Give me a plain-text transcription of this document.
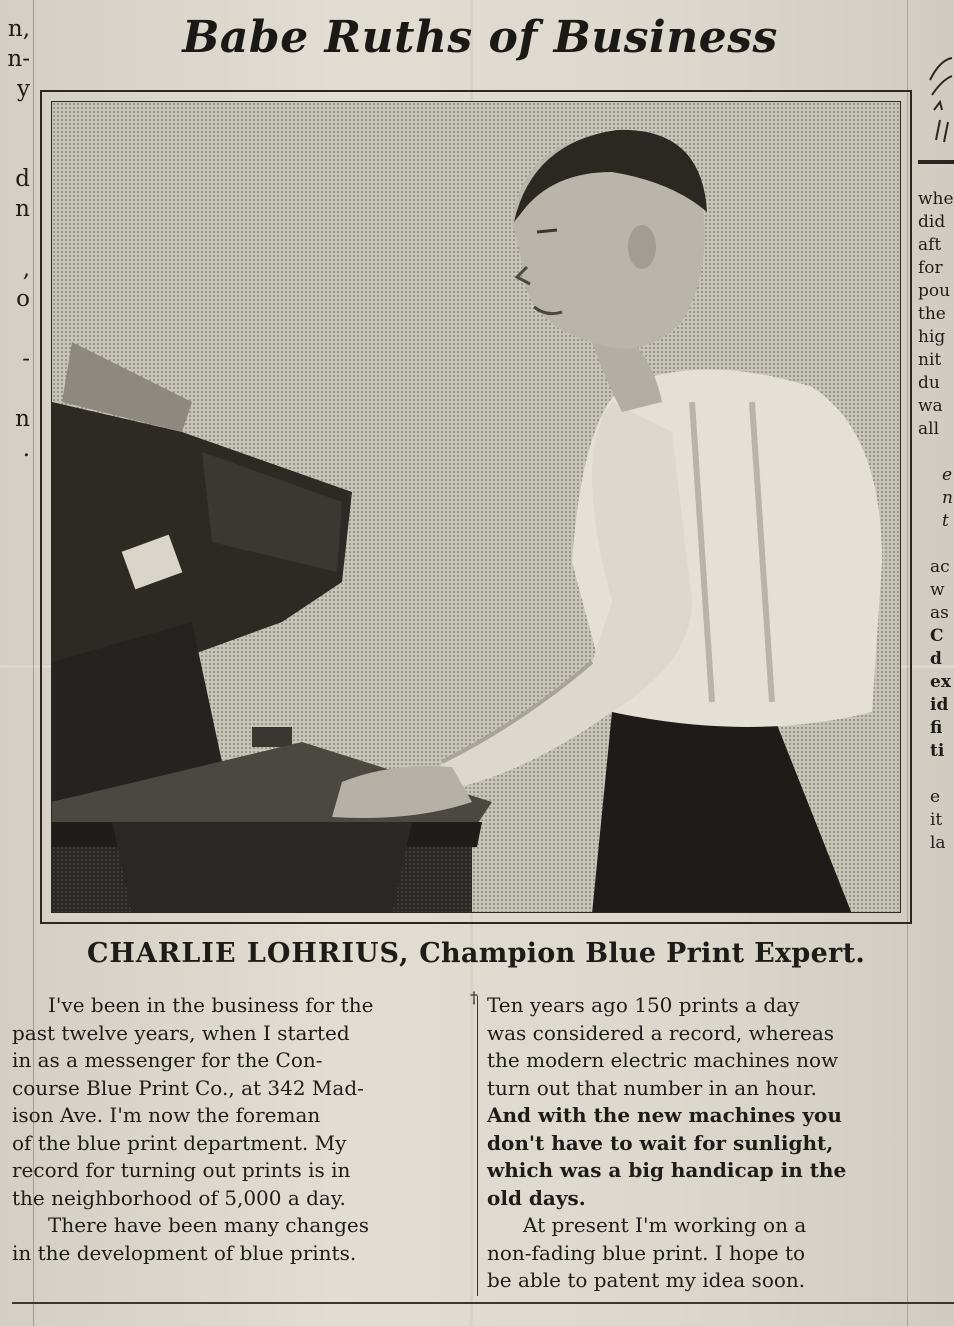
n,
n-
y
d
n
,
o
-
n
.
whe
did
aft
for
pou
the
hig
nit
du
wa
all
e
n
t
ac
w
as
C
d
ex
id
fi
ti
e
it
la
Babe Ruths of Business
CHARLIE LOHRIUS, Champion Blue Print Expert.
I've been in the business for the
past twelve years, when I started
in as a messenger for the Con-
course Blue Print Co., at 342 Mad-
ison Ave. I'm now the foreman
of the blue print department. My
record for turning out prints is in
the neighborhood of 5,000 a day.
There have been many changes
in the development of blue prints.
† Ten years ago 150 prints a day
was considered a record, whereas
the modern electric machines now
turn out that number in an hour.
And with the new machines you
don't have to wait for sunlight,
which was a big handicap in the
old days.
At present I'm working on a
non-fading blue print. I hope to
be able to patent my idea soon.
